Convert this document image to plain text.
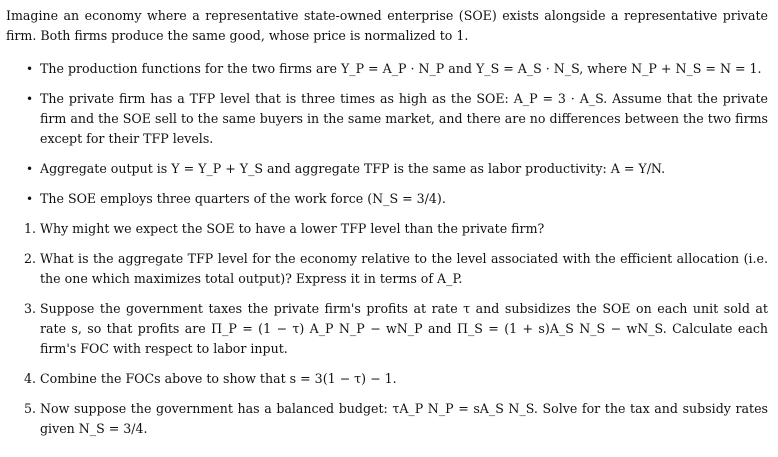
Imagine an economy where a representative state-owned enterprise (SOE) exists alongside a representative private firm. Both firms produce the same good, whose price is normalized to 1.

• The production functions for the two firms are Y_P = A_P · N_P and Y_S = A_S · N_S, where N_P + N_S = N = 1.
• The private firm has a TFP level that is three times as high as the SOE: A_P = 3 · A_S. Assume that the private firm and the SOE sell to the same buyers in the same market, and there are no differences between the two firms except for their TFP levels.
• Aggregate output is Y = Y_P + Y_S and aggregate TFP is the same as labor productivity: A = Y/N.
• The SOE employs three quarters of the work force (N_S = 3/4).
1. Why might we expect the SOE to have a lower TFP level than the private firm?
2. What is the aggregate TFP level for the economy relative to the level associated with the efficient allocation (i.e. the one which maximizes total output)? Express it in terms of A_P.
3. Suppose the government taxes the private firm's profits at rate τ and subsidizes the SOE on each unit sold at rate s, so that profits are Π_P = (1 − τ) A_P N_P − wN_P and Π_S = (1 + s)A_S N_S − wN_S. Calculate each firm's FOC with respect to labor input.
4. Combine the FOCs above to show that s = 3(1 − τ) − 1.
5. Now suppose the government has a balanced budget: τA_P N_P = sA_S N_S. Solve for the tax and subsidy rates given N_S = 3/4.
